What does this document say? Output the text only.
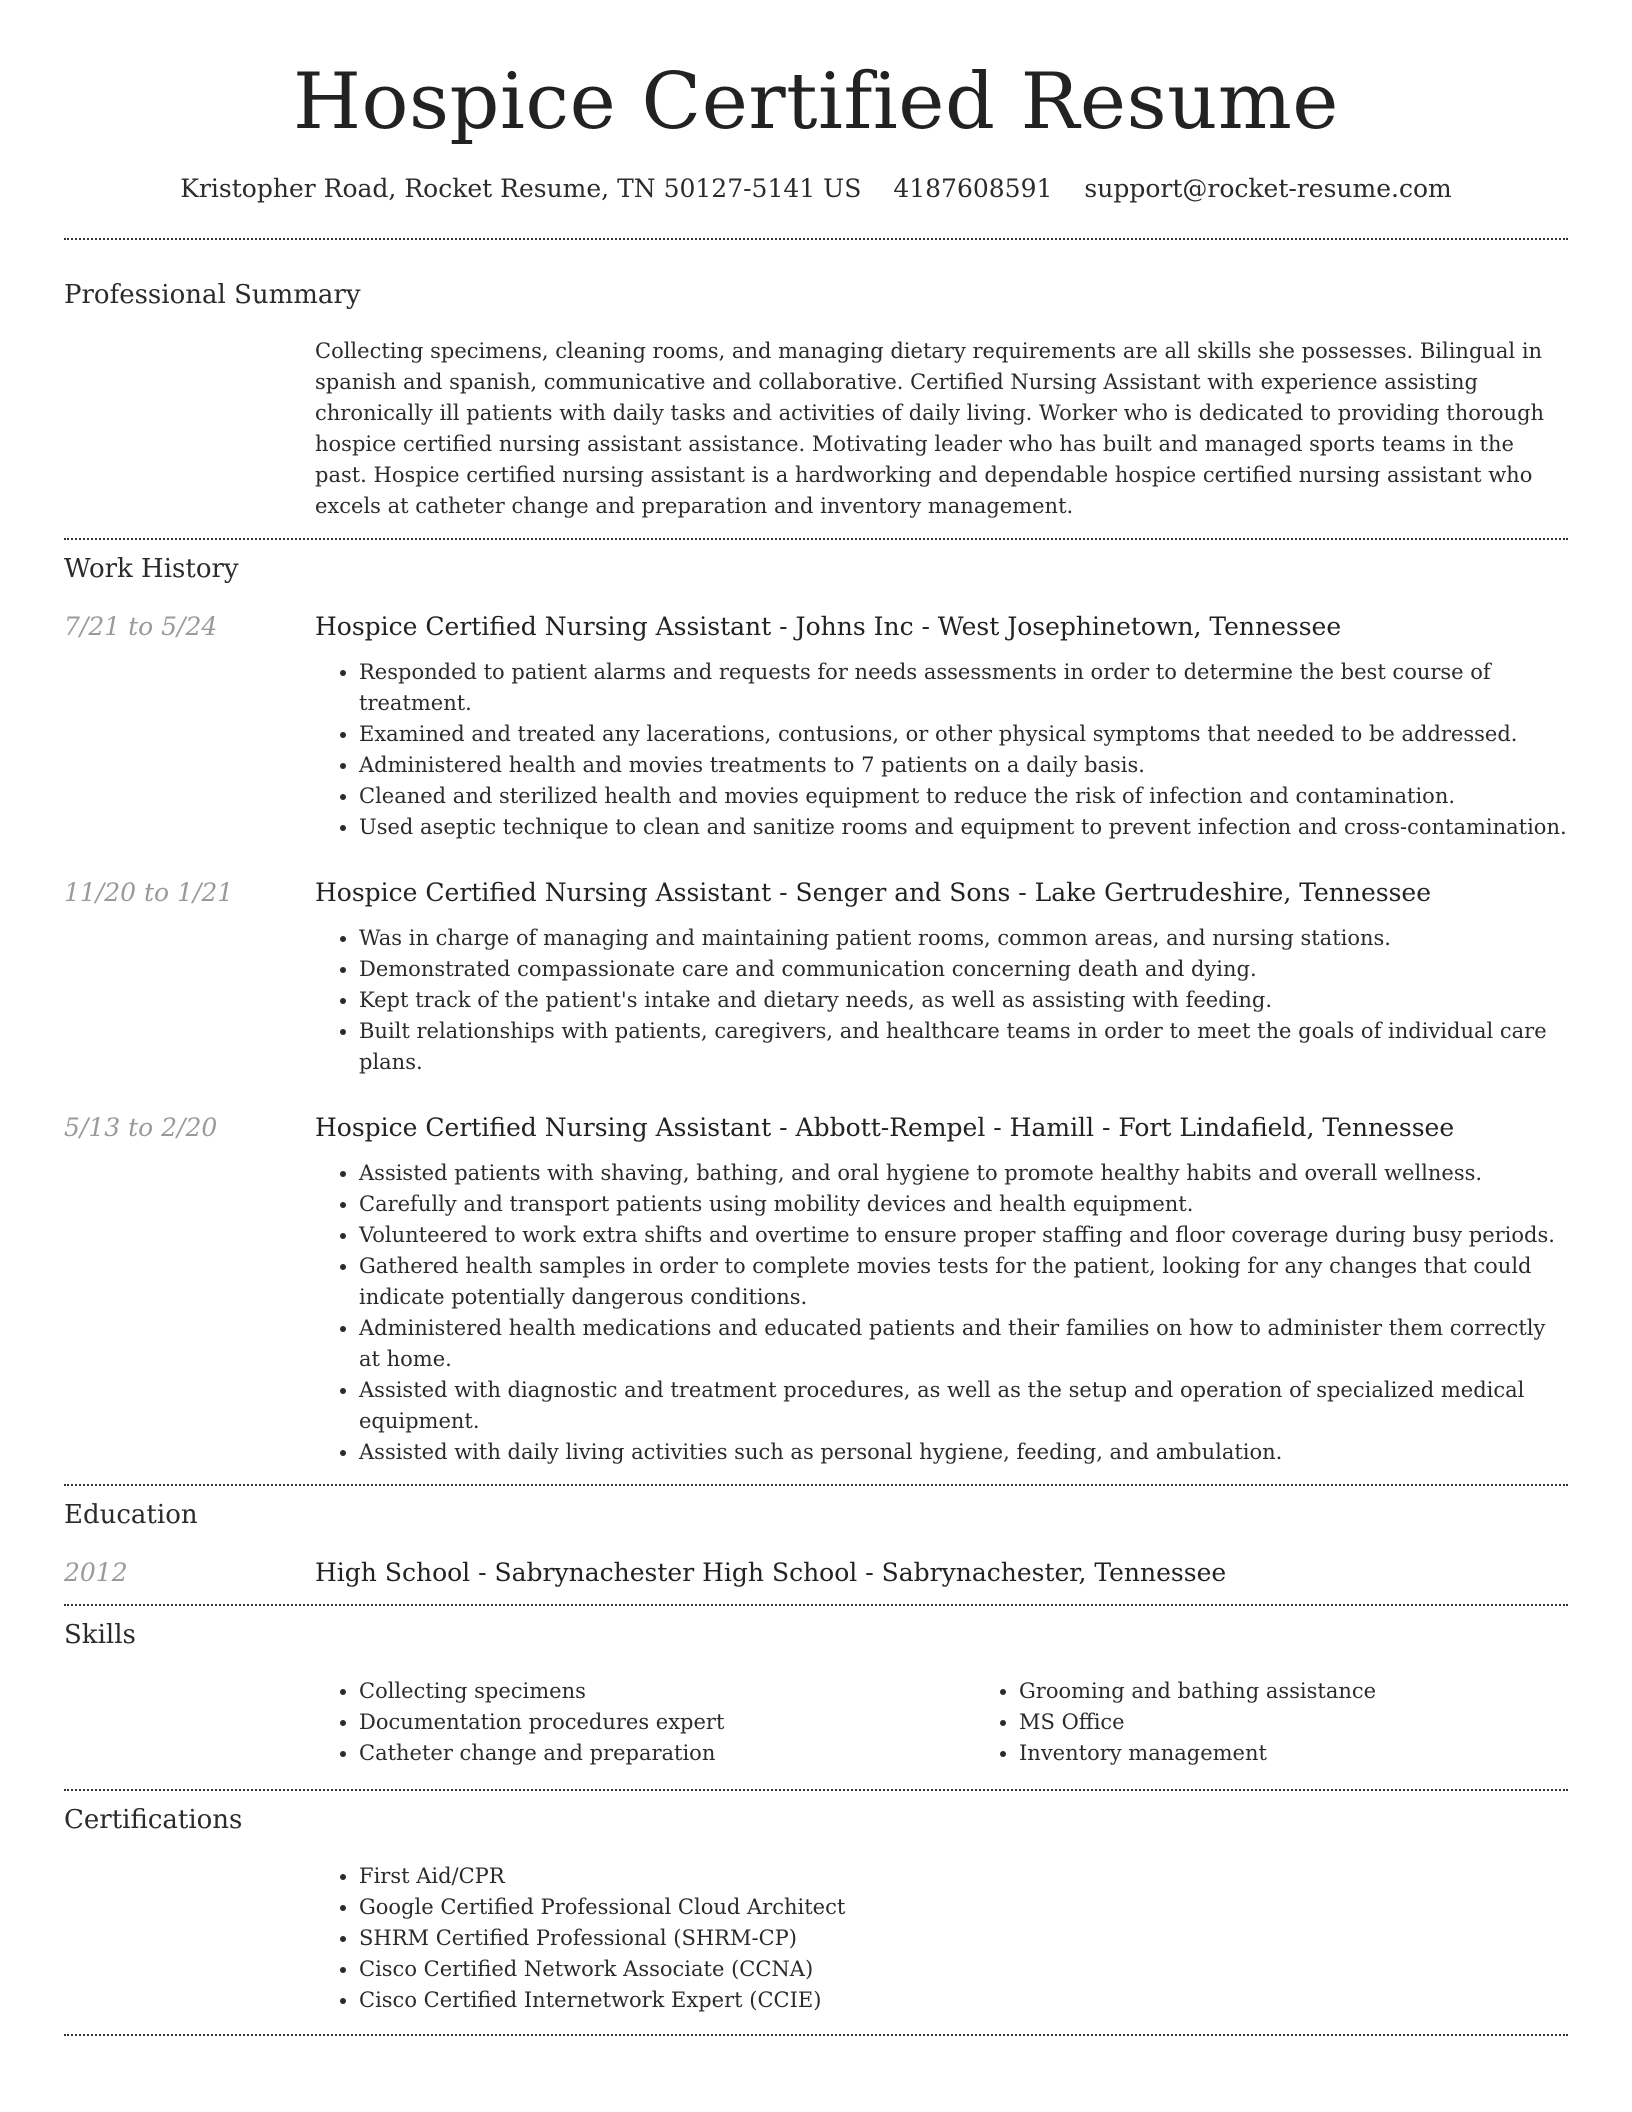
Hospice Certified Resume
Kristopher Road, Rocket Resume, TN 50127-5141 US 4187608591 support@rocket-resume.com
Professional Summary
Collecting specimens, cleaning rooms, and managing dietary requirements are all skills she possesses. Bilingual in spanish and spanish, communicative and collaborative. Certified Nursing Assistant with experience assisting chronically ill patients with daily tasks and activities of daily living. Worker who is dedicated to providing thorough hospice certified nursing assistant assistance. Motivating leader who has built and managed sports teams in the past. Hospice certified nursing assistant is a hardworking and dependable hospice certified nursing assistant who excels at catheter change and preparation and inventory management.
Work History
7/21 to 5/24	Hospice Certified Nursing Assistant - Johns Inc - West Josephinetown, Tennessee
• Responded to patient alarms and requests for needs assessments in order to determine the best course of treatment.
• Examined and treated any lacerations, contusions, or other physical symptoms that needed to be addressed.
• Administered health and movies treatments to 7 patients on a daily basis.
• Cleaned and sterilized health and movies equipment to reduce the risk of infection and contamination.
• Used aseptic technique to clean and sanitize rooms and equipment to prevent infection and cross-contamination.
11/20 to 1/21	Hospice Certified Nursing Assistant - Senger and Sons - Lake Gertrudeshire, Tennessee
• Was in charge of managing and maintaining patient rooms, common areas, and nursing stations.
• Demonstrated compassionate care and communication concerning death and dying.
• Kept track of the patient's intake and dietary needs, as well as assisting with feeding.
• Built relationships with patients, caregivers, and healthcare teams in order to meet the goals of individual care plans.
5/13 to 2/20	Hospice Certified Nursing Assistant - Abbott-Rempel - Hamill - Fort Lindafield, Tennessee
• Assisted patients with shaving, bathing, and oral hygiene to promote healthy habits and overall wellness.
• Carefully and transport patients using mobility devices and health equipment.
• Volunteered to work extra shifts and overtime to ensure proper staffing and floor coverage during busy periods.
• Gathered health samples in order to complete movies tests for the patient, looking for any changes that could indicate potentially dangerous conditions.
• Administered health medications and educated patients and their families on how to administer them correctly at home.
• Assisted with diagnostic and treatment procedures, as well as the setup and operation of specialized medical equipment.
• Assisted with daily living activities such as personal hygiene, feeding, and ambulation.
Education
2012	High School - Sabrynachester High School - Sabrynachester, Tennessee
Skills
• Collecting specimens
• Documentation procedures expert
• Catheter change and preparation
• Grooming and bathing assistance
• MS Office
• Inventory management
Certifications
• First Aid/CPR
• Google Certified Professional Cloud Architect
• SHRM Certified Professional (SHRM-CP)
• Cisco Certified Network Associate (CCNA)
• Cisco Certified Internetwork Expert (CCIE)
